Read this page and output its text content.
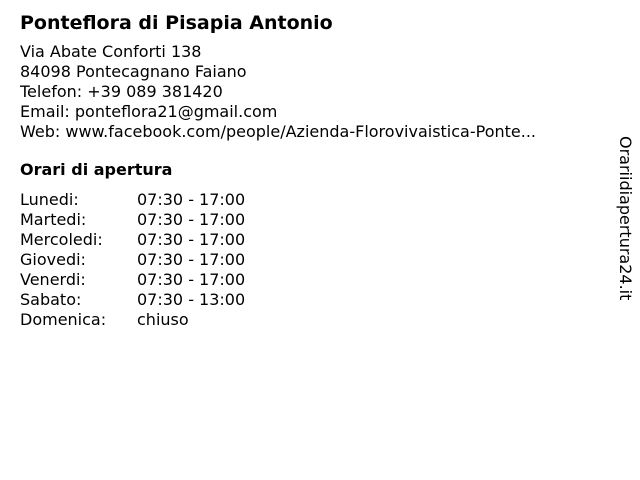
Ponteflora di Pisapia Antonio
Via Abate Conforti 138
84098 Pontecagnano Faiano
Telefon: +39 089 381420
Email: ponteflora21@gmail.com
Web: www.facebook.com/people/Azienda-Florovivaistica-Ponte...
Orari di apertura
Lunedi:	07:30 - 17:00
Martedi:	07:30 - 17:00
Mercoledi:	07:30 - 17:00
Giovedi:	07:30 - 17:00
Venerdi:	07:30 - 17:00
Sabato:	07:30 - 13:00
Domenica:	chiuso
Orariidiapertura24.it
